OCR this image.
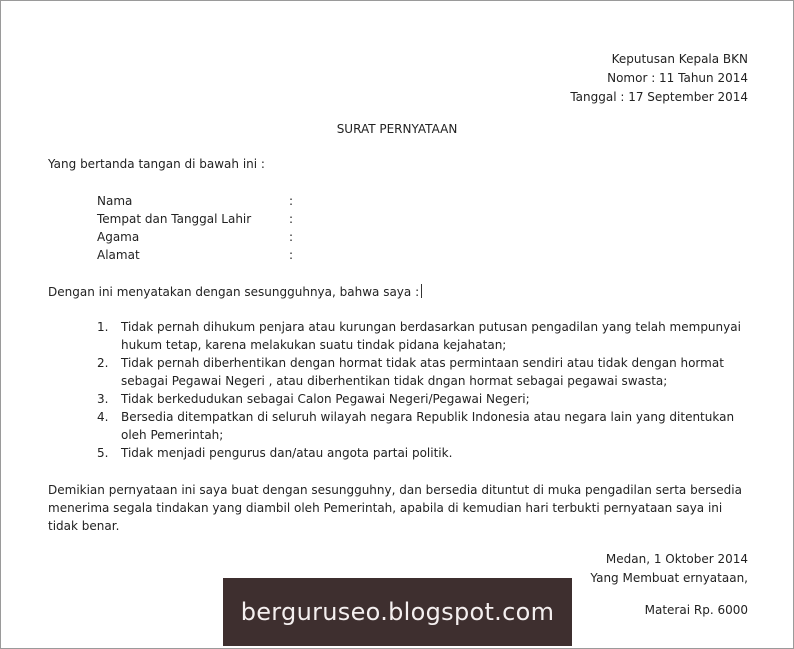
Keputusan Kepala BKN
Nomor : 11 Tahun 2014
Tanggal : 17 September 2014
SURAT PERNYATAAN
Yang bertanda tangan di bawah ini :
Nama	:
Tempat dan Tanggal Lahir	:
Agama	:
Alamat	:
Dengan ini menyatakan dengan sesungguhnya, bahwa saya :
1. Tidak pernah dihukum penjara atau kurungan berdasarkan putusan pengadilan yang telah mempunyai hukum tetap, karena melakukan suatu tindak pidana kejahatan;
2. Tidak pernah diberhentikan dengan hormat tidak atas permintaan sendiri atau tidak dengan hormat sebagai Pegawai Negeri , atau diberhentikan tidak dngan hormat sebagai pegawai swasta;
3. Tidak berkedudukan sebagai Calon Pegawai Negeri/Pegawai Negeri;
4. Bersedia ditempatkan di seluruh wilayah negara Republik Indonesia atau negara lain yang ditentukan oleh Pemerintah;
5. Tidak menjadi pengurus dan/atau angota partai politik.
Demikian pernyataan ini saya buat dengan sesungguhny, dan bersedia dituntut di muka pengadilan serta bersedia menerima segala tindakan yang diambil oleh Pemerintah, apabila di kemudian hari terbukti pernyataan saya ini tidak benar.
Medan, 1 Oktober 2014
Yang Membuat ernyataan,
Materai Rp. 6000
berguruseo.blogspot.com
